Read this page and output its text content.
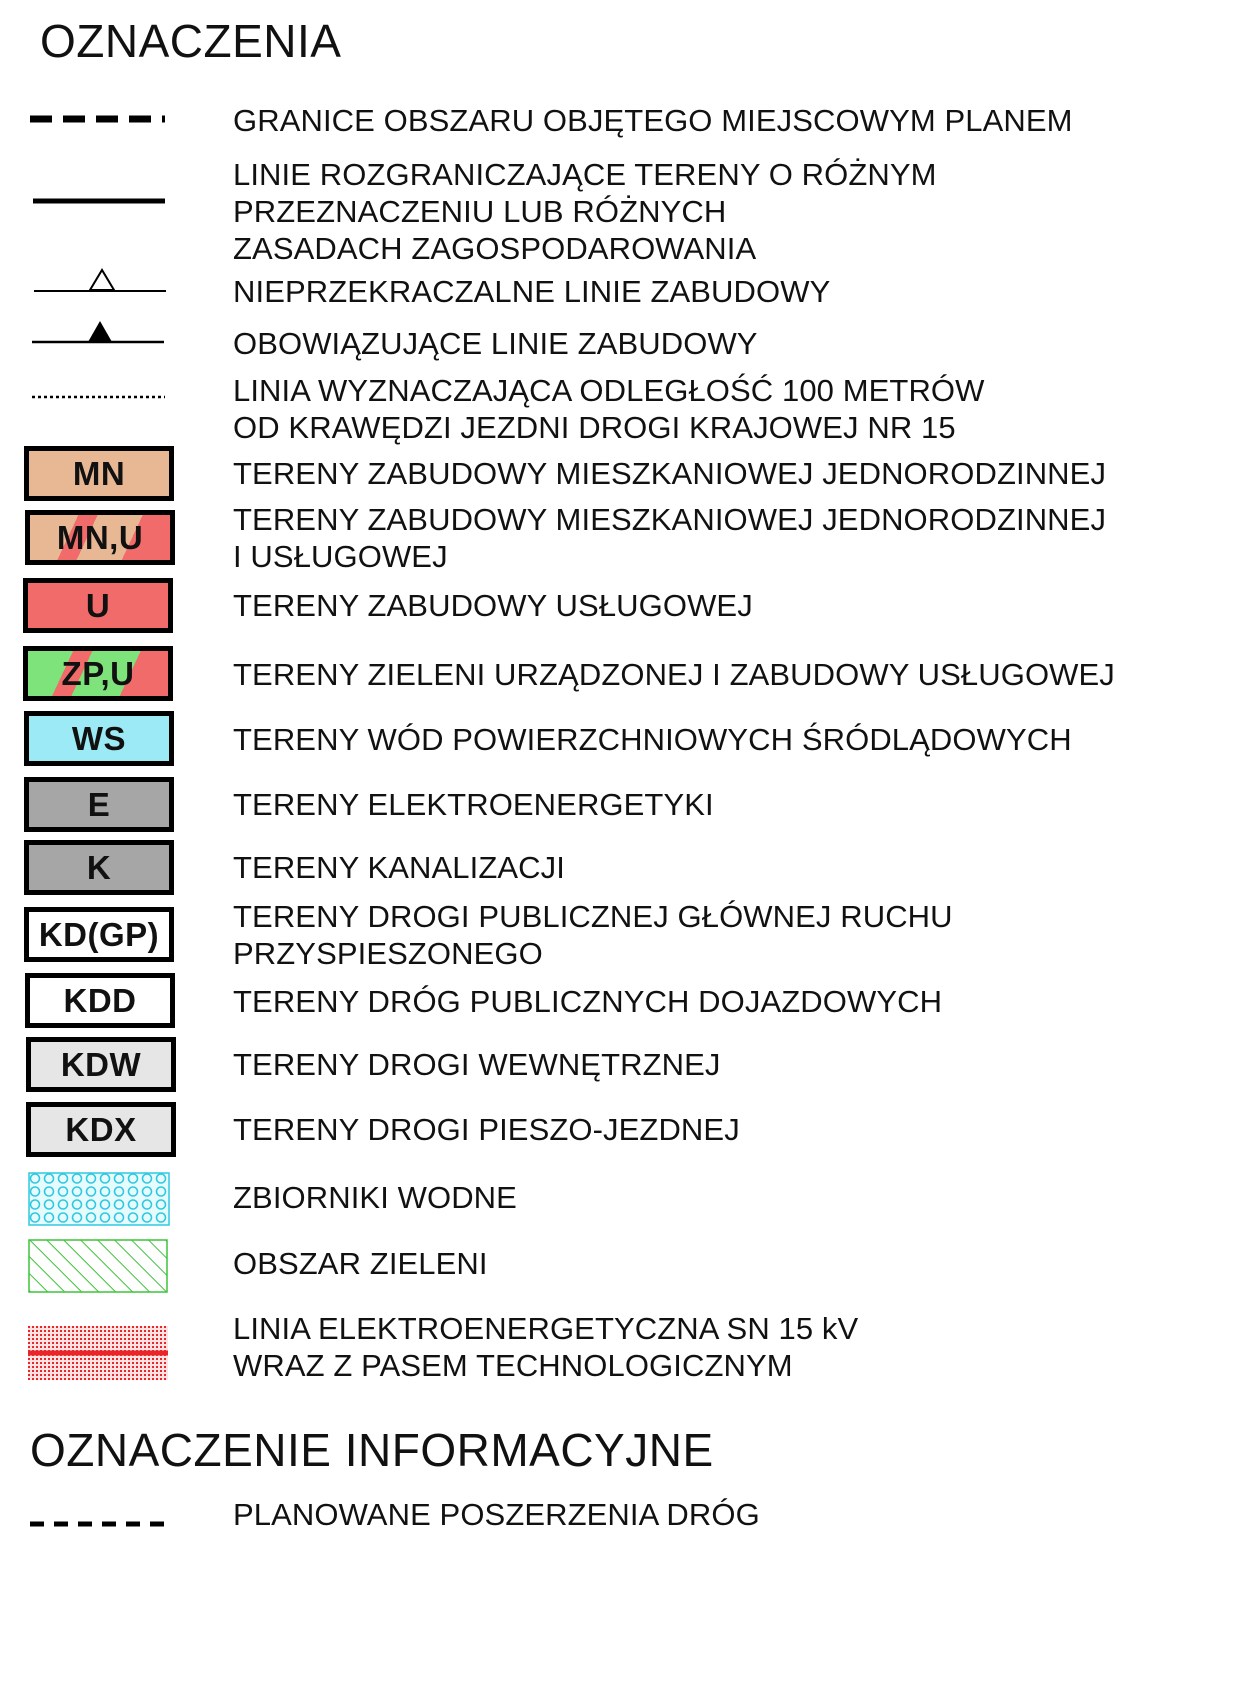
OZNACZENIA
GRANICE OBSZARU OBJĘTEGO MIEJSCOWYM PLANEM
LINIE ROZGRANICZAJĄCE TERENY O RÓŻNYM
PRZEZNACZENIU LUB RÓŻNYCH
ZASADACH ZAGOSPODAROWANIA
NIEPRZEKRACZALNE LINIE ZABUDOWY
OBOWIĄZUJĄCE LINIE ZABUDOWY
LINIA WYZNACZAJĄCA ODLEGŁOŚĆ 100 METRÓW
OD KRAWĘDZI JEZDNI DROGI KRAJOWEJ NR 15
MN	TERENY ZABUDOWY MIESZKANIOWEJ JEDNORODZINNEJ
MN,U	TERENY ZABUDOWY MIESZKANIOWEJ JEDNORODZINNEJ
I USŁUGOWEJ
U	TERENY ZABUDOWY USŁUGOWEJ
ZP,U	TERENY ZIELENI URZĄDZONEJ I ZABUDOWY USŁUGOWEJ
WS	TERENY WÓD POWIERZCHNIOWYCH ŚRÓDLĄDOWYCH
E	TERENY ELEKTROENERGETYKI
K	TERENY KANALIZACJI
KD(GP) TERENY DROGI PUBLICZNEJ GŁÓWNEJ RUCHU
PRZYSPIESZONEGO
KDD	TERENY DRÓG PUBLICZNYCH DOJAZDOWYCH
KDW	TERENY DROGI WEWNĘTRZNEJ
KDX	TERENY DROGI PIESZO-JEZDNEJ
ZBIORNIKI WODNE
OBSZAR ZIELENI
LINIA ELEKTROENERGETYCZNA SN 15 kV
WRAZ Z PASEM TECHNOLOGICZNYM
OZNACZENIE INFORMACYJNE
PLANOWANE POSZERZENIA DRÓG
